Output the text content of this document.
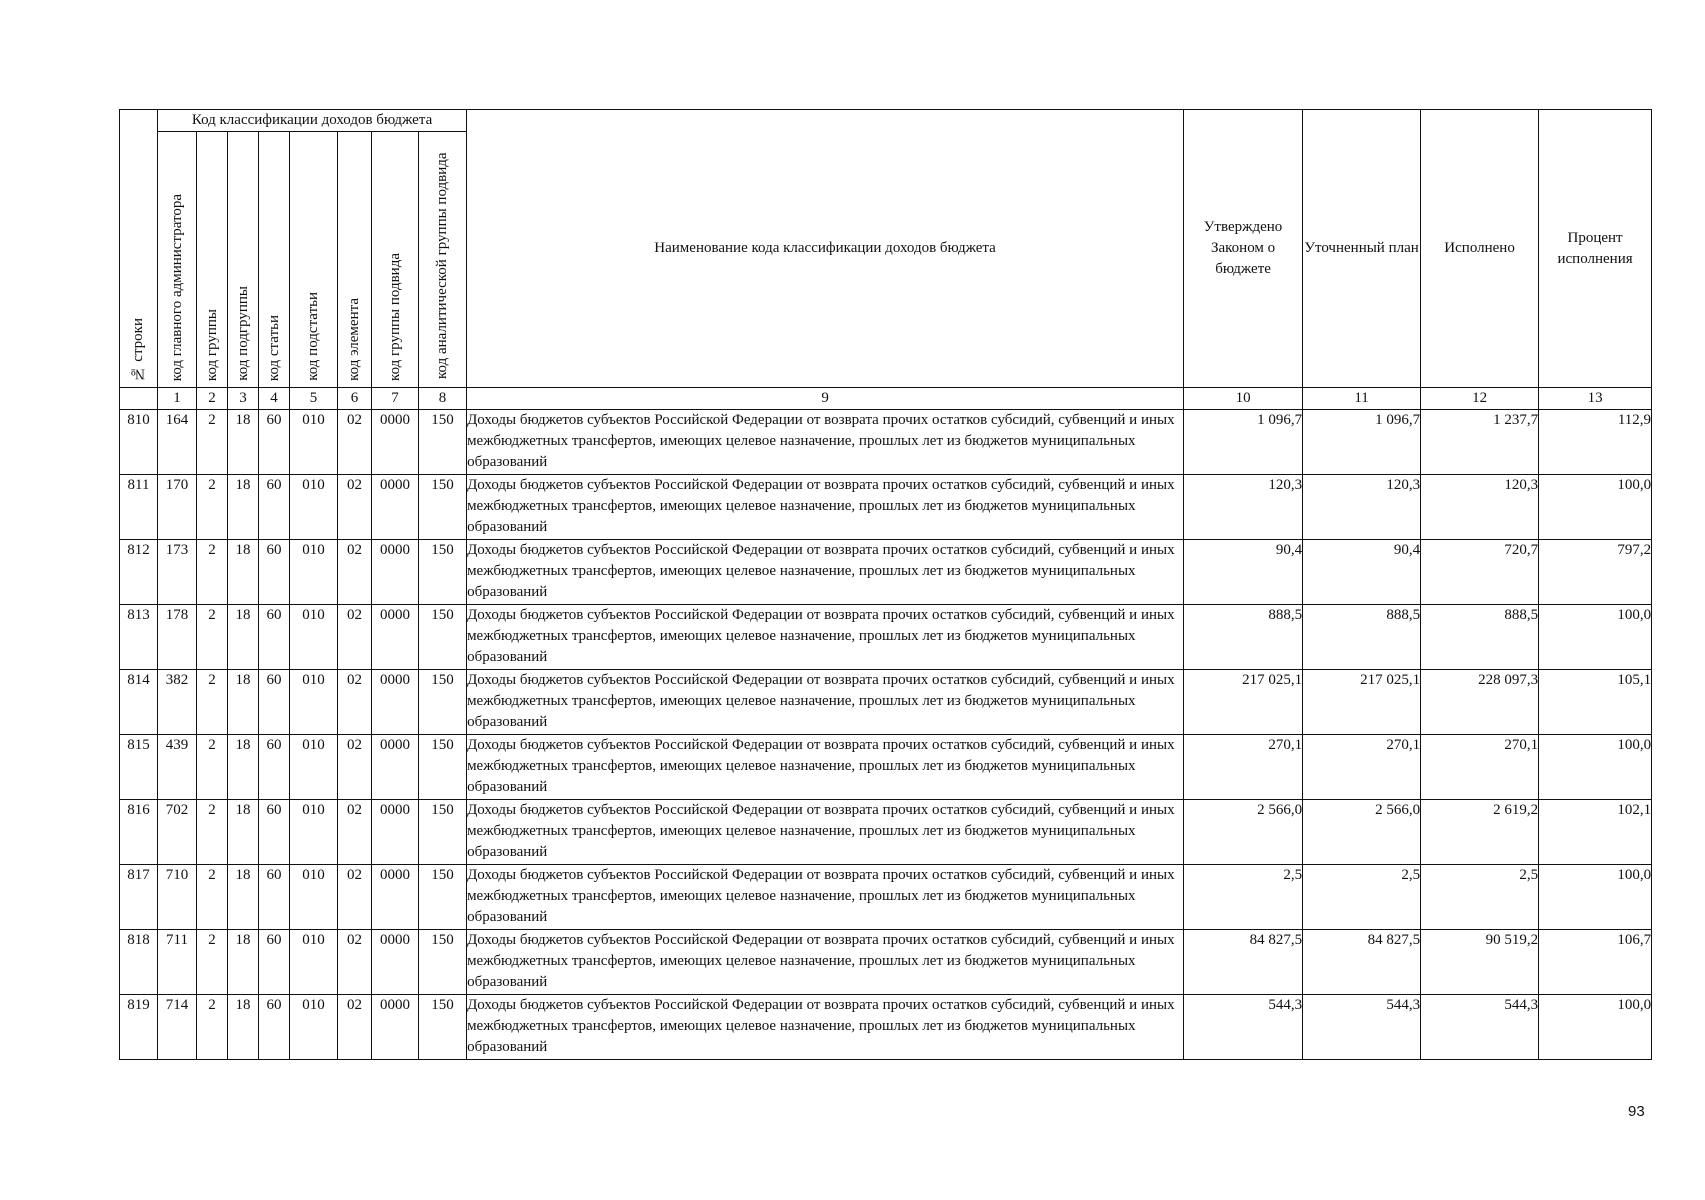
№ строки	Код классификации доходов бюджета								Наименование кода классификации доходов бюджета	Утверждено Законом о бюджете	Уточненный план	Исполнено	Процент исполнения

	код главного администратора	код группы	код подгруппы	код статьи	код подстатьи	код элемента	код группы подвида	код аналитической группы подвида					

	1	2	3	4	5	6	7	8	9	10	11	12	13
810	164	2	18	60	010	02	0000	150	Доходы бюджетов субъектов Российской Федерации от возврата прочих остатков субсидий, субвенций и иных межбюджетных трансфертов, имеющих целевое назначение, прошлых лет из бюджетов муниципальных образований	1 096,7	1 096,7	1 237,7	112,9
811	170	2	18	60	010	02	0000	150	Доходы бюджетов субъектов Российской Федерации от возврата прочих остатков субсидий, субвенций и иных межбюджетных трансфертов, имеющих целевое назначение, прошлых лет из бюджетов муниципальных образований	120,3	120,3	120,3	100,0
812	173	2	18	60	010	02	0000	150	Доходы бюджетов субъектов Российской Федерации от возврата прочих остатков субсидий, субвенций и иных межбюджетных трансфертов, имеющих целевое назначение, прошлых лет из бюджетов муниципальных образований	90,4	90,4	720,7	797,2
813	178	2	18	60	010	02	0000	150	Доходы бюджетов субъектов Российской Федерации от возврата прочих остатков субсидий, субвенций и иных межбюджетных трансфертов, имеющих целевое назначение, прошлых лет из бюджетов муниципальных образований	888,5	888,5	888,5	100,0
814	382	2	18	60	010	02	0000	150	Доходы бюджетов субъектов Российской Федерации от возврата прочих остатков субсидий, субвенций и иных межбюджетных трансфертов, имеющих целевое назначение, прошлых лет из бюджетов муниципальных образований	217 025,1	217 025,1	228 097,3	105,1
815	439	2	18	60	010	02	0000	150	Доходы бюджетов субъектов Российской Федерации от возврата прочих остатков субсидий, субвенций и иных межбюджетных трансфертов, имеющих целевое назначение, прошлых лет из бюджетов муниципальных образований	270,1	270,1	270,1	100,0
816	702	2	18	60	010	02	0000	150	Доходы бюджетов субъектов Российской Федерации от возврата прочих остатков субсидий, субвенций и иных межбюджетных трансфертов, имеющих целевое назначение, прошлых лет из бюджетов муниципальных образований	2 566,0	2 566,0	2 619,2	102,1
817	710	2	18	60	010	02	0000	150	Доходы бюджетов субъектов Российской Федерации от возврата прочих остатков субсидий, субвенций и иных межбюджетных трансфертов, имеющих целевое назначение, прошлых лет из бюджетов муниципальных образований	2,5	2,5	2,5	100,0
818	711	2	18	60	010	02	0000	150	Доходы бюджетов субъектов Российской Федерации от возврата прочих остатков субсидий, субвенций и иных межбюджетных трансфертов, имеющих целевое назначение, прошлых лет из бюджетов муниципальных образований	84 827,5	84 827,5	90 519,2	106,7
819	714	2	18	60	010	02	0000	150	Доходы бюджетов субъектов Российской Федерации от возврата прочих остатков субсидий, субвенций и иных межбюджетных трансфертов, имеющих целевое назначение, прошлых лет из бюджетов муниципальных образований	544,3	544,3	544,3	100,0
93
